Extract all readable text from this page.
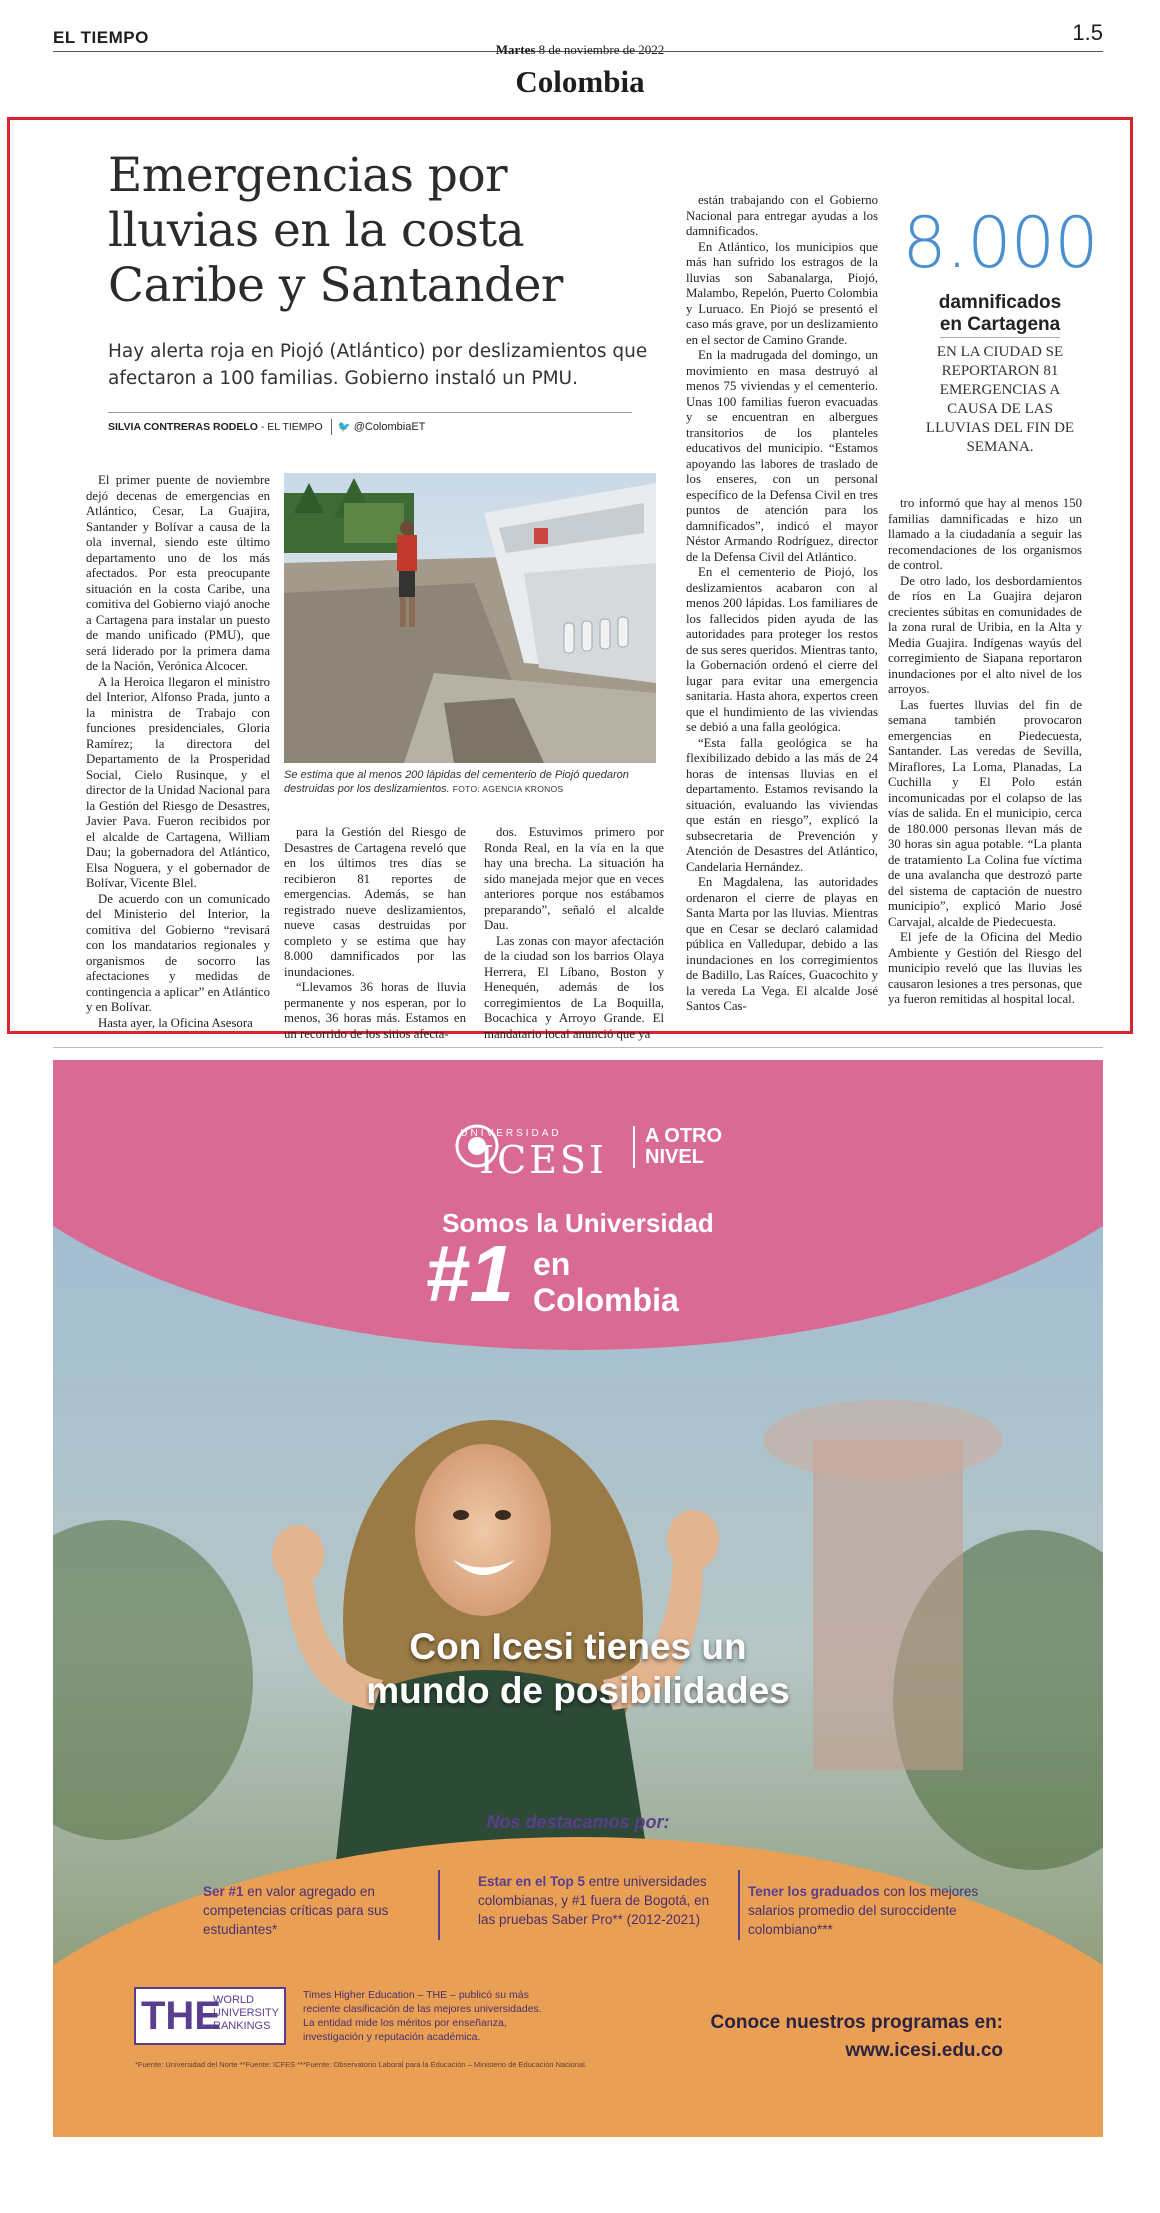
EL TIEMPO
Martes 8 de noviembre de 2022
1.5
Colombia
Emergencias por lluvias en la costa Caribe y Santander
Hay alerta roja en Piojó (Atlántico) por deslizamientos que afectaron a 100 familias. Gobierno instaló un PMU.
SILVIA CONTRERAS RODELO - EL TIEMPO 🐦 @ColombiaET

El primer puente de noviembre dejó decenas de emergencias en Atlántico, Cesar, La Guajira, Santander y Bolívar a causa de la ola invernal, siendo este último departamento uno de los más afectados. Por esta preocupante situación en la costa Caribe, una comitiva del Gobierno viajó anoche a Cartagena para instalar un puesto de mando unificado (PMU), que será liderado por la primera dama de la Nación, Verónica Alcocer.

A la Heroica llegaron el ministro del Interior, Alfonso Prada, junto a la ministra de Trabajo con funciones presidenciales, Gloria Ramírez; la directora del Departamento de la Prosperidad Social, Cielo Rusinque, y el director de la Unidad Nacional para la Gestión del Riesgo de Desastres, Javier Pava. Fueron recibidos por el alcalde de Cartagena, William Dau; la gobernadora del Atlántico, Elsa Noguera, y el gobernador de Bolívar, Vicente Blel.

De acuerdo con un comunicado del Ministerio del Interior, la comitiva del Gobierno “revisará con los mandatarios regionales y organismos de socorro las afectaciones y medidas de contingencia a aplicar” en Atlántico y en Bolívar.

Hasta ayer, la Oficina Asesora

Se estima que al menos 200 lápidas del cementerio de Piojó quedaron destruidas por los deslizamientos. FOTO: AGENCIA KRONOS

para la Gestión del Riesgo de Desastres de Cartagena reveló que en los últimos tres días se recibieron 81 reportes de emergencias. Además, se han registrado nueve deslizamientos, nueve casas destruidas por completo y se estima que hay 8.000 damnificados por las inundaciones.

“Llevamos 36 horas de lluvia permanente y nos esperan, por lo menos, 36 horas más. Estamos en un recorrido de los sitios afecta-

dos. Estuvimos primero por Ronda Real, en la vía en la que hay una brecha. La situación ha sido manejada mejor que en veces anteriores porque nos estábamos preparando”, señaló el alcalde Dau.

Las zonas con mayor afectación de la ciudad son los barrios Olaya Herrera, El Líbano, Boston y Henequén, además de los corregimientos de La Boquilla, Bocachica y Arroyo Grande. El mandatario local anunció que ya

están trabajando con el Gobierno Nacional para entregar ayudas a los damnificados.

En Atlántico, los municipios que más han sufrido los estragos de la lluvias son Sabanalarga, Piojó, Malambo, Repelón, Puerto Colombia y Luruaco. En Piojó se presentó el caso más grave, por un deslizamiento en el sector de Camino Grande.

En la madrugada del domingo, un movimiento en masa destruyó al menos 75 viviendas y el cementerio. Unas 100 familias fueron evacuadas y se encuentran en albergues transitorios de los planteles educativos del municipio. “Estamos apoyando las labores de traslado de los enseres, con un personal específico de la Defensa Civil en tres puntos de atención para los damnificados”, indicó el mayor Néstor Armando Rodríguez, director de la Defensa Civil del Atlántico.

En el cementerio de Piojó, los deslizamientos acabaron con al menos 200 lápidas. Los familiares de los fallecidos piden ayuda de las autoridades para proteger los restos de sus seres queridos. Mientras tanto, la Gobernación ordenó el cierre del lugar para evitar una emergencia sanitaria. Hasta ahora, expertos creen que el hundimiento de las viviendas se debió a una falla geológica.

“Esta falla geológica se ha flexibilizado debido a las más de 24 horas de intensas lluvias en el departamento. Estamos revisando la situación, evaluando las viviendas que están en riesgo”, explicó la subsecretaria de Prevención y Atención de Desastres del Atlántico, Candelaria Hernández.

En Magdalena, las autoridades ordenaron el cierre de playas en Santa Marta por las lluvias. Mientras que en Cesar se declaró calamidad pública en Valledupar, debido a las inundaciones en los corregimientos de Badillo, Las Raíces, Guacochito y la vereda La Vega. El alcalde José Santos Cas-

tro informó que hay al menos 150 familias damnificadas e hizo un llamado a la ciudadanía a seguir las recomendaciones de los organismos de control.

De otro lado, los desbordamientos de ríos en La Guajira dejaron crecientes súbitas en comunidades de la zona rural de Uribia, en la Alta y Media Guajira. Indígenas wayús del corregimiento de Siapana reportaron inundaciones por el alto nivel de los arroyos.

Las fuertes lluvias del fin de semana también provocaron emergencias en Piedecuesta, Santander. Las veredas de Sevilla, Miraflores, La Loma, Planadas, La Cuchilla y El Polo están incomunicadas por el colapso de las vías de salida. En el municipio, cerca de 180.000 personas llevan más de 30 horas sin agua potable. “La planta de tratamiento La Colina fue víctima de una avalancha que destrozó parte del sistema de captación de nuestro municipio”, explicó Mario José Carvajal, alcalde de Piedecuesta.

El jefe de la Oficina del Medio Ambiente y Gestión del Riesgo del municipio reveló que las lluvias les causaron lesiones a tres personas, que ya fueron remitidas al hospital local.

8.000
damnificados
en Cartagena
EN LA CIUDAD SE REPORTARON 81 EMERGENCIAS A CAUSA DE LAS LLUVIAS DEL FIN DE SEMANA.
UNIVERSIDAD
ICESI
A OTRO
NIVEL
Somos la Universidad
#1 en
Colombia
Con Icesi tienes un
mundo de posibilidades
Nos destacamos por:
Ser #1 en valor agregado en competencias críticas para sus estudiantes*
Estar en el Top 5 entre universidades colombianas, y #1 fuera de Bogotá, en las pruebas Saber Pro** (2012-2021)
Tener los graduados con los mejores salarios promedio del suroccidente colombiano***
THE
WORLD
UNIVERSITY
RANKINGS
Times Higher Education – THE – publicó su más reciente clasificación de las mejores universidades. La entidad mide los méritos por enseñanza, investigación y reputación académica.
Conoce nuestros programas en:
www.icesi.edu.co
*Fuente: Universidad del Norte **Fuente: ICFES ***Fuente: Observatorio Laboral para la Educación – Ministerio de Educación Nacional.
